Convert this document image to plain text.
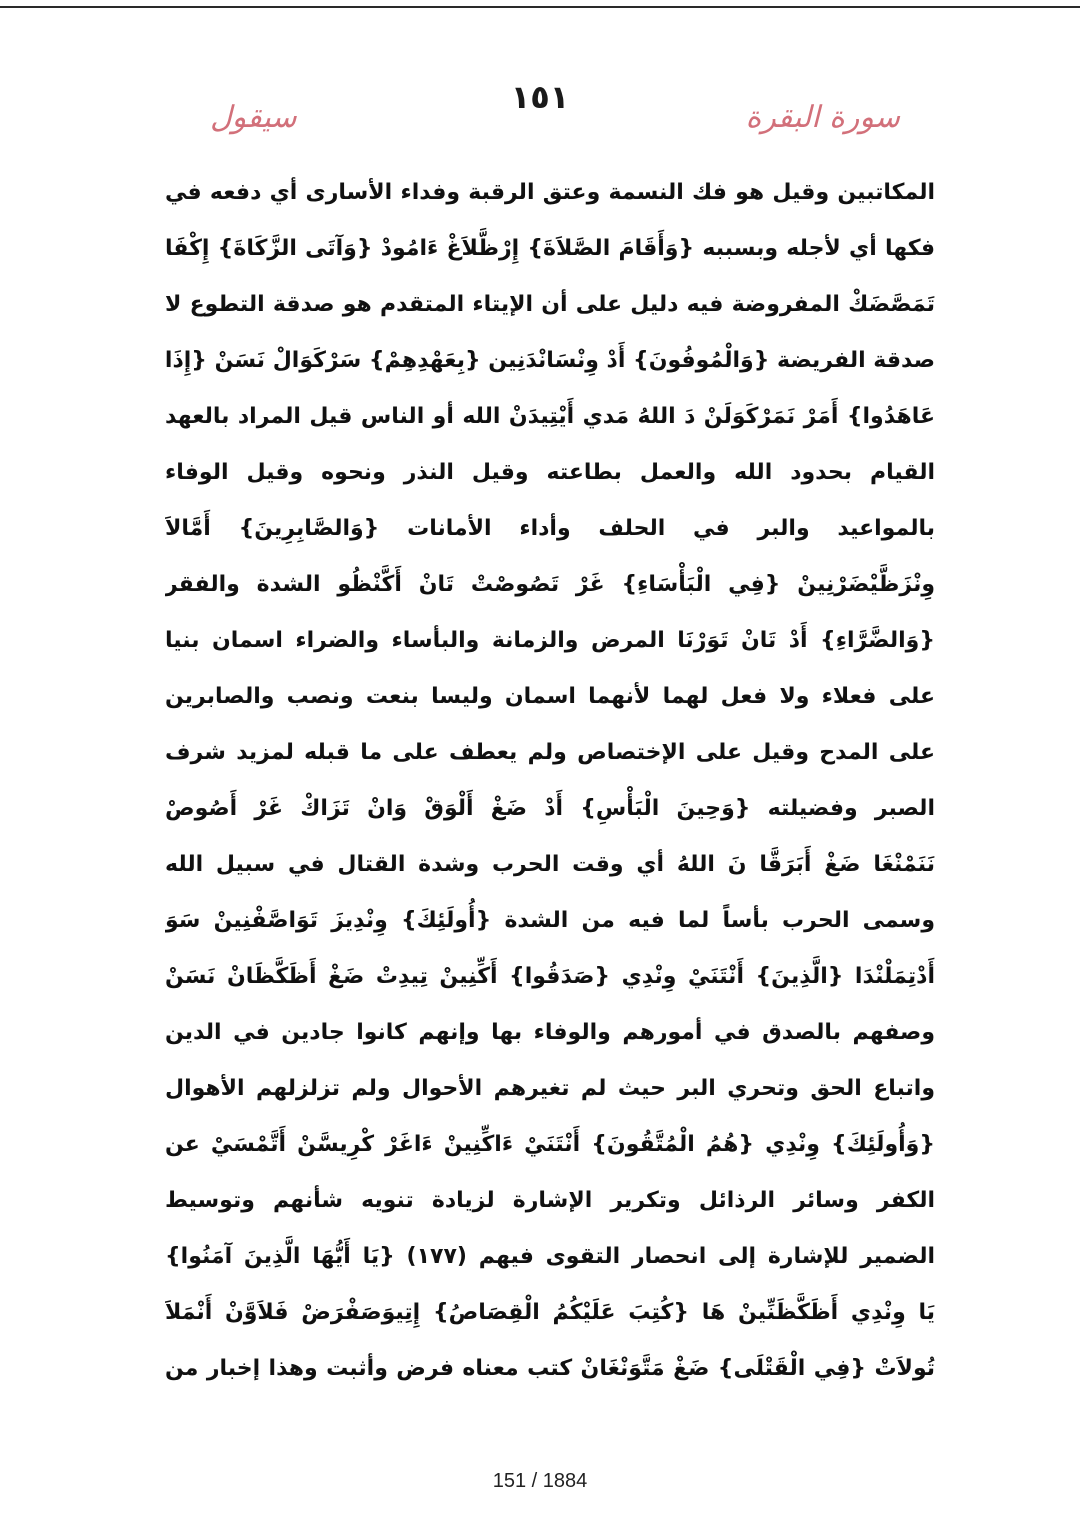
سورة البقرة
١٥١
سيقول
المكاتبين وقيل هو فك النسمة وعتق الرقبة وفداء الأسارى أي دفعه في
فكها أي لأجله وبسببه {وَأَقَامَ الصَّلاَةَ} إِرْظَّلاَغْ ءَامُودْ {وَآتَى الزَّكَاةَ} إِكْفَا
تَمَصَّضَكْ المفروضة فيه دليل على أن الإيتاء المتقدم هو صدقة التطوع لا
صدقة الفريضة {وَالْمُوفُونَ} أَدْ وِنْسَانْدَنِين {بِعَهْدِهِمْ} سَرْكَوَالْ نَسَنْ {إِذَا
عَاهَدُوا} أَمَرْ نَمَرْكَوَلَنْ دَ اللهُ مَدي أَيْتِيدَنْ الله أو الناس قيل المراد بالعهد
القيام بحدود الله والعمل بطاعته وقيل النذر ونحوه وقيل الوفاء
بالمواعيد والبر في الحلف وأداء الأمانات {وَالصَّابِرِينَ} أَمَّالاَ
وِنْزَظَّيْضَرْنِينْ {فِي الْبَأْسَاءِ} غَرْ تَصُوصْتْ تَانْ أَكَّنْظُو الشدة والفقر
{وَالضَّرَّاءِ} أَدْ تَانْ تَوَرْنَا المرض والزمانة والبأساء والضراء اسمان بنيا
على فعلاء ولا فعل لهما لأنهما اسمان وليسا بنعت ونصب والصابرين
على المدح وقيل على الإختصاص ولم يعطف على ما قبله لمزيد شرف
الصبر وفضيلته {وَحِينَ الْبَأْسِ} أَدْ ضَغْ أَلْوَقْ وَانْ تَزَاكْ غَرْ أَصُوصْ
نَنَمْنْغَا ضَغْ أَبَرَقَّا نَ اللهُ أي وقت الحرب وشدة القتال في سبيل الله
وسمى الحرب بأساً لما فيه من الشدة {أُولَئِكَ} وِنْدِيزَ تَوَاصَّفْنِينْ سَوَ
أَدْتِمَلْنْدَا {الَّذِينَ} أَنْتَنَيْ وِنْدِي {صَدَقُوا} أَكِّنِينْ تِيدِتْ ضَغْ أَظَكَّظَانْ نَسَنْ
وصفهم بالصدق في أمورهم والوفاء بها وإنهم كانوا جادين في الدين
واتباع الحق وتحري البر حيث لم تغيرهم الأحوال ولم تزلزلهم الأهوال
{وَأُولَئِكَ} وِنْدِي {هُمُ الْمُتَّقُونَ} أَنْتَنَيْ ءَاكِّنِينْ ءَاغَرْ كْرِيسَّنْ أَتَّمْسَيْ عن
الكفر وسائر الرذائل وتكرير الإشارة لزيادة تنويه شأنهم وتوسيط
الضمير للإشارة إلى انحصار التقوى فيهم (١٧٧) {يَا أَيُّهَا الَّذِينَ آمَنُوا}
يَا وِنْدِي أَظَكَّظَنِّينْ هَا {كُتِبَ عَلَيْكُمُ الْقِصَاصُ} إِتِيوَصَفْرَضْ فَلاَوَّنْ أَنْمَلاَ
تُولاَتْ {فِي الْقَتْلَى} ضَغْ مَتَّوَنْغَانْ كتب معناه فرض وأثبت وهذا إخبار من
151 / 1884
